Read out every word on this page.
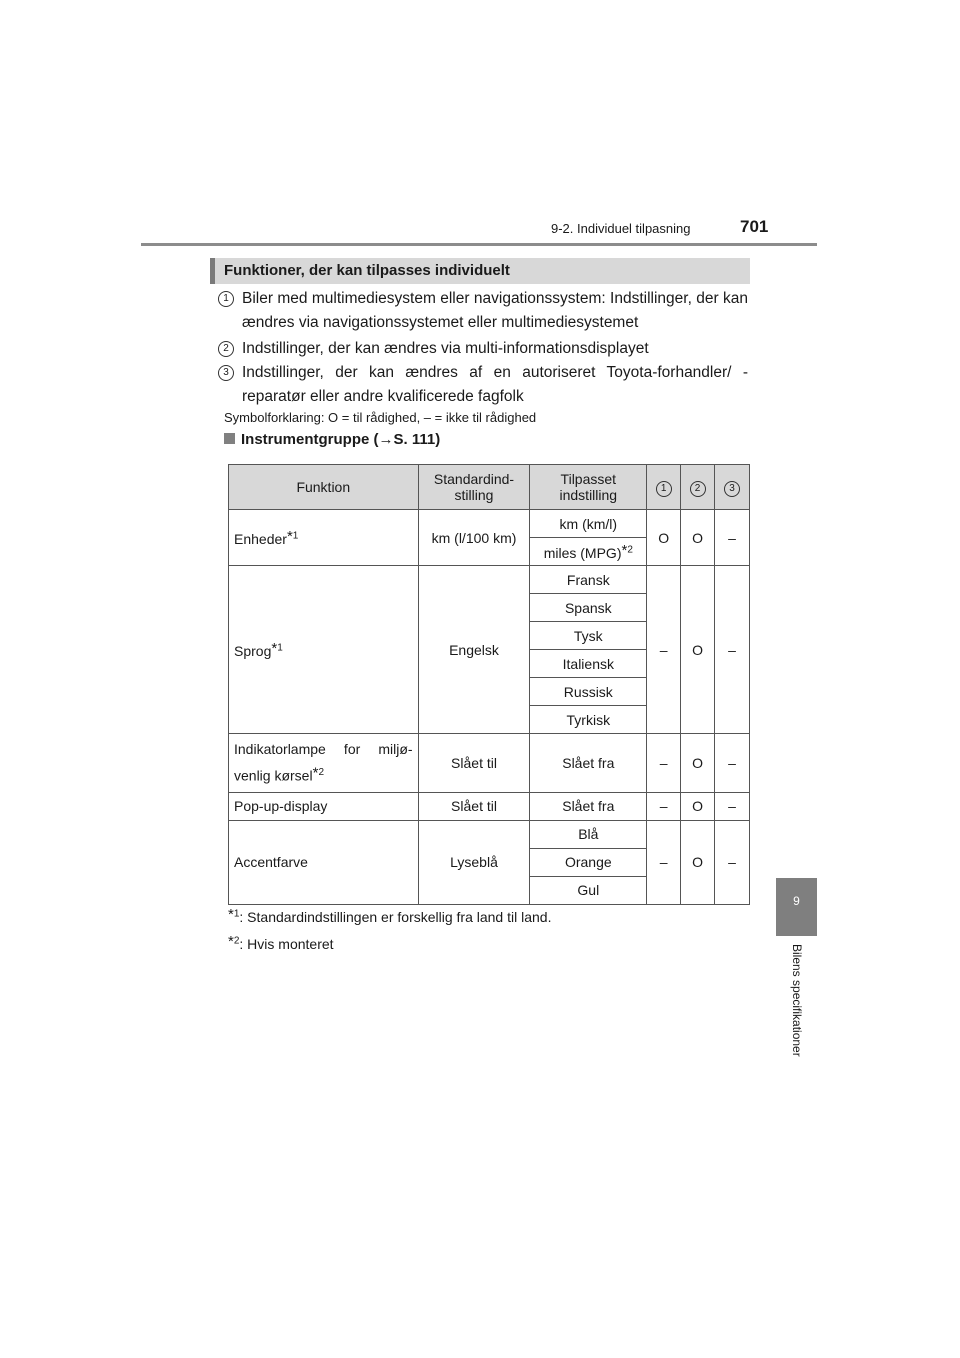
9-2. Individuel tilpasning	701
9
Bilens specifikationer
Funktioner, der kan tilpasses individuelt
1 Biler med multimediesystem eller navigationssystem: Indstillinger, der kan ændres via navigationssystemet eller multimediesystemet
2 Indstillinger, der kan ændres via multi-informationsdisplayet
3 Indstillinger, der kan ændres af en autoriseret Toyota-forhandler/ -reparatør eller andre kvalificerede fagfolk
Symbolforklaring: O = til rådighed, – = ikke til rådighed
Instrumentgruppe (→S. 111)
Funktion	Standardind- stilling	Tilpasset indstilling	1	2	3
Enheder*$^1$	km (l/100 km)	km (km/l)	O	O	–
		miles (MPG)*$^2$
Sprog*$^1$	Engelsk	Fransk	–	O	–
		Spansk			
		Tysk			
		Italiensk			
		Russisk			
		Tyrkisk			
Indikatorlampe for miljø-venlig kørsel*$^2$	Slået til	Slået fra	–	O	–
Pop-up-display	Slået til	Slået fra	–	O	–
Accentfarve	Lyseblå	Blå	–	O	–
		Orange			
		Gul			
*$^1$: Standardindstillingen er forskellig fra land til land.
*$^2$: Hvis monteret
